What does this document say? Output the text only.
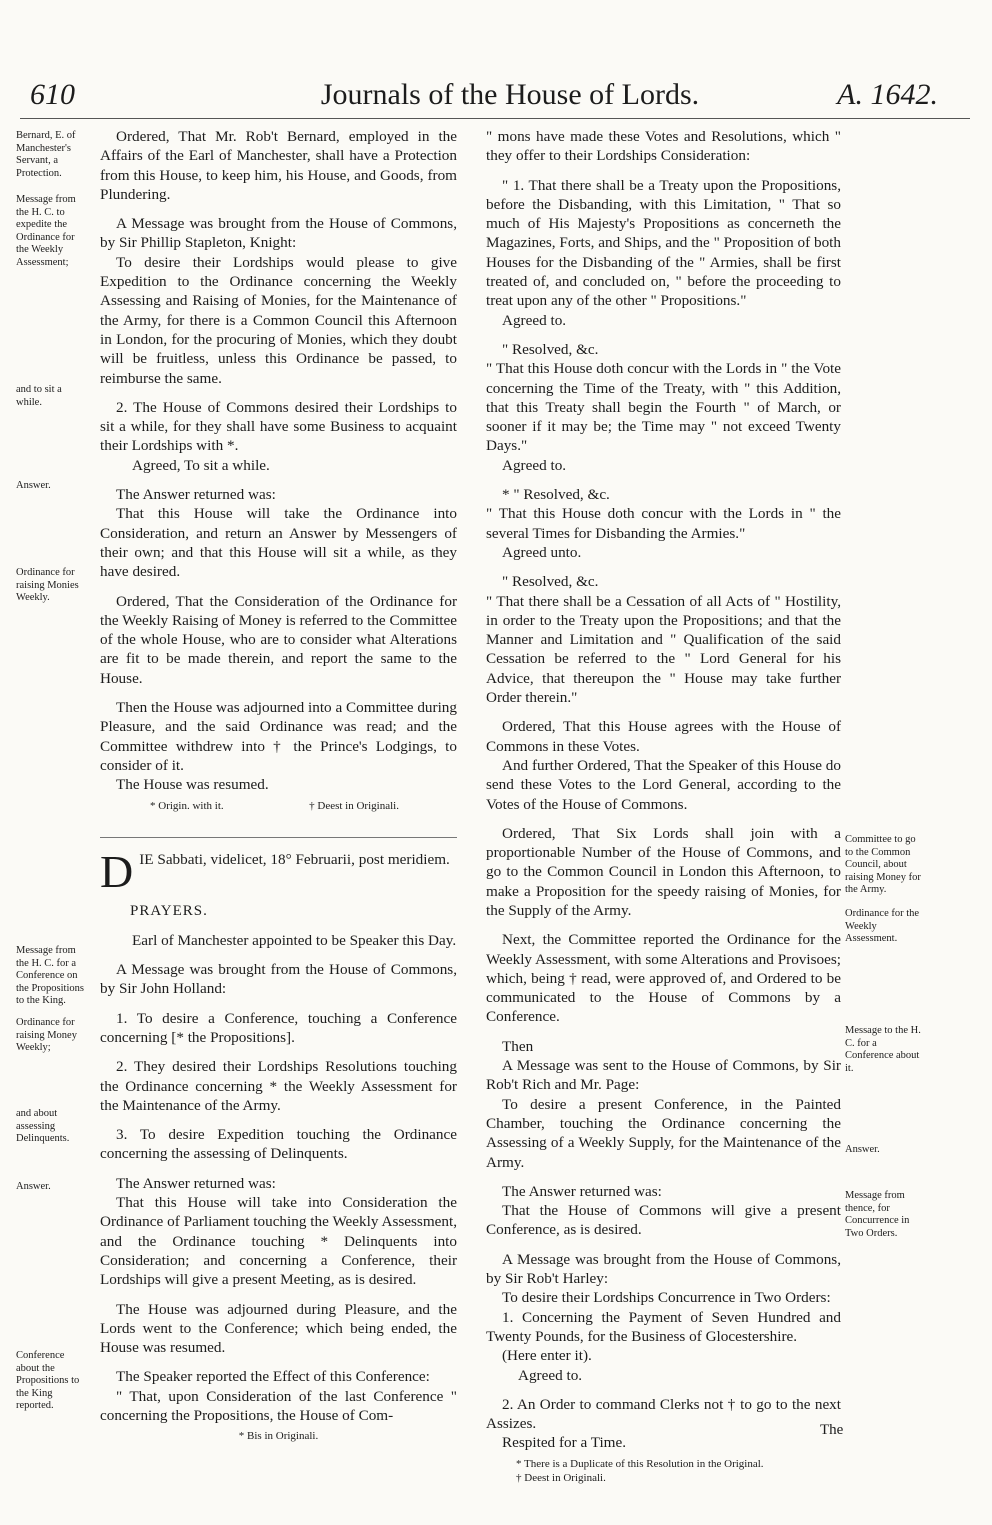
610	Journals of the House of Lords.	A. 1642.
Bernard, E. of Manchester's Servant, a Protection.
Message from the H. C. to expedite the Ordinance for the Weekly Assessment;
and to sit a while.
Answer.
Ordinance for raising Monies Weekly.
Message from the H. C. for a Conference on the Propositions to the King.
Ordinance for raising Money Weekly;
and about assessing Delinquents.
Answer.
Conference about the Propositions to the King reported.
Committee to go to the Common Council, about raising Money for the Army.
Ordinance for the Weekly Assessment.
Message to the H. C. for a Conference about it.
Answer.
Message from thence, for Concurrence in Two Orders.

Ordered, That Mr. Rob't Bernard, employed in the Affairs of the Earl of Manchester, shall have a Protection from this House, to keep him, his House, and Goods, from Plundering.

A Message was brought from the House of Commons, by Sir Phillip Stapleton, Knight:

To desire their Lordships would please to give Expedition to the Ordinance concerning the Weekly Assessing and Raising of Monies, for the Maintenance of the Army, for there is a Common Council this Afternoon in London, for the procuring of Monies, which they doubt will be fruitless, unless this Ordinance be passed, to reimburse the same.

2. The House of Commons desired their Lordships to sit a while, for they shall have some Business to acquaint their Lordships with *.

Agreed, To sit a while.

The Answer returned was:

That this House will take the Ordinance into Consideration, and return an Answer by Messengers of their own; and that this House will sit a while, as they have desired.

Ordered, That the Consideration of the Ordinance for the Weekly Raising of Money is referred to the Committee of the whole House, who are to consider what Alterations are fit to be made therein, and report the same to the House.

Then the House was adjourned into a Committee during Pleasure, and the said Ordinance was read; and the Committee withdrew into † the Prince's Lodgings, to consider of it.

The House was resumed.

* Origin. with it.	† Deest in Originali.

D IE Sabbati, videlicet, 18° Februarii, post meridiem.

PRAYERS.

Earl of Manchester appointed to be Speaker this Day.

A Message was brought from the House of Commons, by Sir John Holland:

1. To desire a Conference, touching a Conference concerning [* the Propositions].

2. They desired their Lordships Resolutions touching the Ordinance concerning * the Weekly Assessment for the Maintenance of the Army.

3. To desire Expedition touching the Ordinance concerning the assessing of Delinquents.

The Answer returned was:

That this House will take into Consideration the Ordinance of Parliament touching the Weekly Assessment, and the Ordinance touching * Delinquents into Consideration; and concerning a Conference, their Lordships will give a present Meeting, as is desired.

The House was adjourned during Pleasure, and the Lords went to the Conference; which being ended, the House was resumed.

The Speaker reported the Effect of this Conference:

" That, upon Consideration of the last Conference " concerning the Propositions, the House of Com-

* Bis in Originali.

" mons have made these Votes and Resolutions, which " they offer to their Lordships Consideration:

" 1. That there shall be a Treaty upon the Propositions, before the Disbanding, with this Limitation, " That so much of His Majesty's Propositions as concerneth the Magazines, Forts, and Ships, and the " Proposition of both Houses for the Disbanding of the " Armies, shall be first treated of, and concluded on, " before the proceeding to treat upon any of the other " Propositions."

Agreed to.

" Resolved, &c.

" That this House doth concur with the Lords in " the Vote concerning the Time of the Treaty, with " this Addition, that this Treaty shall begin the Fourth " of March, or sooner if it may be; the Time may " not exceed Twenty Days."

Agreed to.

* " Resolved, &c.

" That this House doth concur with the Lords in " the several Times for Disbanding the Armies."

Agreed unto.

" Resolved, &c.

" That there shall be a Cessation of all Acts of " Hostility, in order to the Treaty upon the Propositions; and that the Manner and Limitation and " Qualification of the said Cessation be referred to the " Lord General for his Advice, that thereupon the " House may take further Order therein."

Ordered, That this House agrees with the House of Commons in these Votes.

And further Ordered, That the Speaker of this House do send these Votes to the Lord General, according to the Votes of the House of Commons.

Ordered, That Six Lords shall join with a proportionable Number of the House of Commons, and go to the Common Council in London this Afternoon, to make a Proposition for the speedy raising of Monies, for the Supply of the Army.

Next, the Committee reported the Ordinance for the Weekly Assessment, with some Alterations and Provisoes; which, being † read, were approved of, and Ordered to be communicated to the House of Commons by a Conference.

Then

A Message was sent to the House of Commons, by Sir Rob't Rich and Mr. Page:

To desire a present Conference, in the Painted Chamber, touching the Ordinance concerning the Assessing of a Weekly Supply, for the Maintenance of the Army.

The Answer returned was:

That the House of Commons will give a present Conference, as is desired.

A Message was brought from the House of Commons, by Sir Rob't Harley:

To desire their Lordships Concurrence in Two Orders:

1. Concerning the Payment of Seven Hundred and Twenty Pounds, for the Business of Glocestershire.

(Here enter it).

Agreed to.

2. An Order to command Clerks not † to go to the next Assizes.

Respited for a Time.

* There is a Duplicate of this Resolution in the Original.

† Deest in Originali.

The
